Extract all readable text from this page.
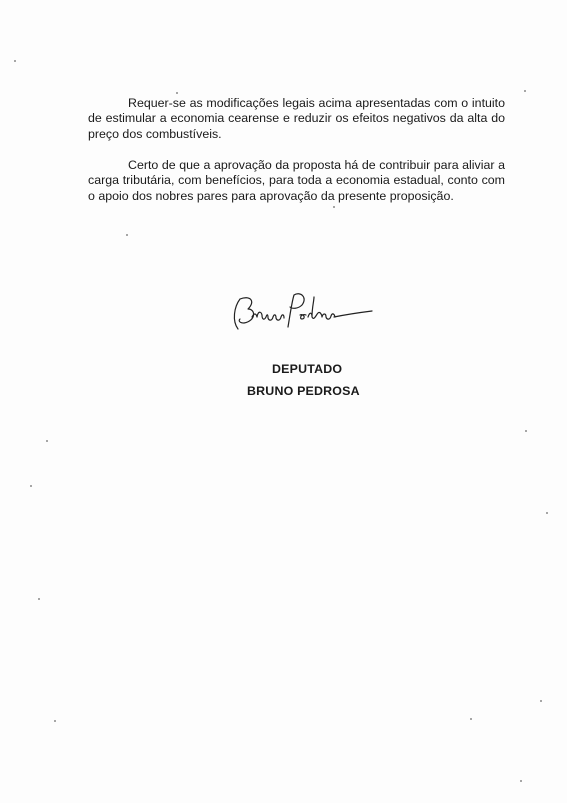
Requer-se as modificações legais acima apresentadas com o intuito de estimular a economia cearense e reduzir os efeitos negativos da alta do preço dos combustíveis.

Certo de que a aprovação da proposta há de contribuir para aliviar a carga tributária, com benefícios, para toda a economia estadual, conto com o apoio dos nobres pares para aprovação da presente proposição.

DEPUTADO
BRUNO PEDROSA
